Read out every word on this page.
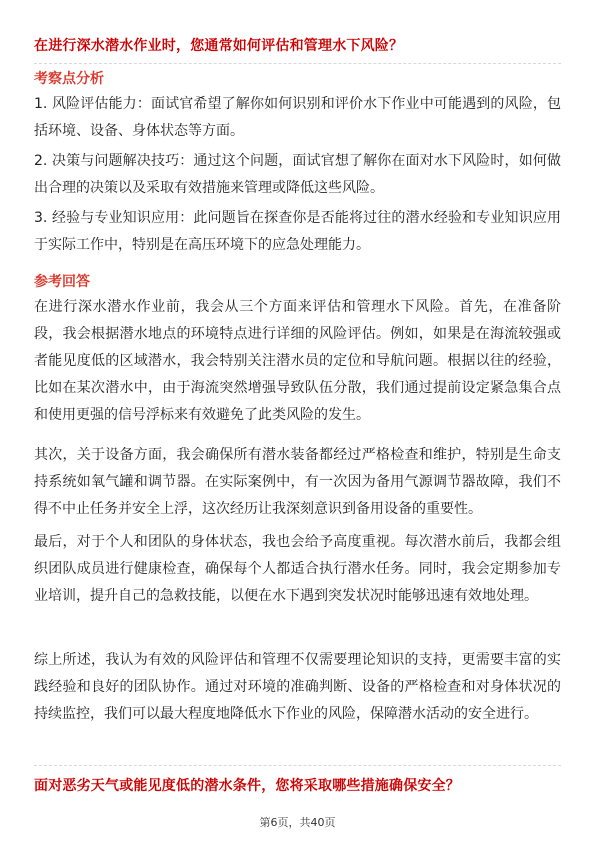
在进行深水潜水作业时，您通常如何评估和管理水下风险？
考察点分析
1. 风险评估能力：面试官希望了解你如何识别和评价水下作业中可能遇到的风险，包括环境、设备、身体状态等方面。
2. 决策与问题解决技巧：通过这个问题，面试官想了解你在面对水下风险时，如何做出合理的决策以及采取有效措施来管理或降低这些风险。
3. 经验与专业知识应用：此问题旨在探查你是否能将过往的潜水经验和专业知识应用于实际工作中，特别是在高压环境下的应急处理能力。
参考回答
在进行深水潜水作业前，我会从三个方面来评估和管理水下风险。首先，在准备阶段，我会根据潜水地点的环境特点进行详细的风险评估。例如，如果是在海流较强或者能见度低的区域潜水，我会特别关注潜水员的定位和导航问题。根据以往的经验，比如在某次潜水中，由于海流突然增强导致队伍分散，我们通过提前设定紧急集合点和使用更强的信号浮标来有效避免了此类风险的发生。
其次，关于设备方面，我会确保所有潜水装备都经过严格检查和维护，特别是生命支持系统如氧气罐和调节器。在实际案例中，有一次因为备用气源调节器故障，我们不得不中止任务并安全上浮，这次经历让我深刻意识到备用设备的重要性。
最后，对于个人和团队的身体状态，我也会给予高度重视。每次潜水前后，我都会组织团队成员进行健康检查，确保每个人都适合执行潜水任务。同时，我会定期参加专业培训，提升自己的急救技能，以便在水下遇到突发状况时能够迅速有效地处理。
综上所述，我认为有效的风险评估和管理不仅需要理论知识的支持，更需要丰富的实践经验和良好的团队协作。通过对环境的准确判断、设备的严格检查和对身体状况的持续监控，我们可以最大程度地降低水下作业的风险，保障潜水活动的安全进行。
面对恶劣天气或能见度低的潜水条件，您将采取哪些措施确保安全？
第6页，共40页
